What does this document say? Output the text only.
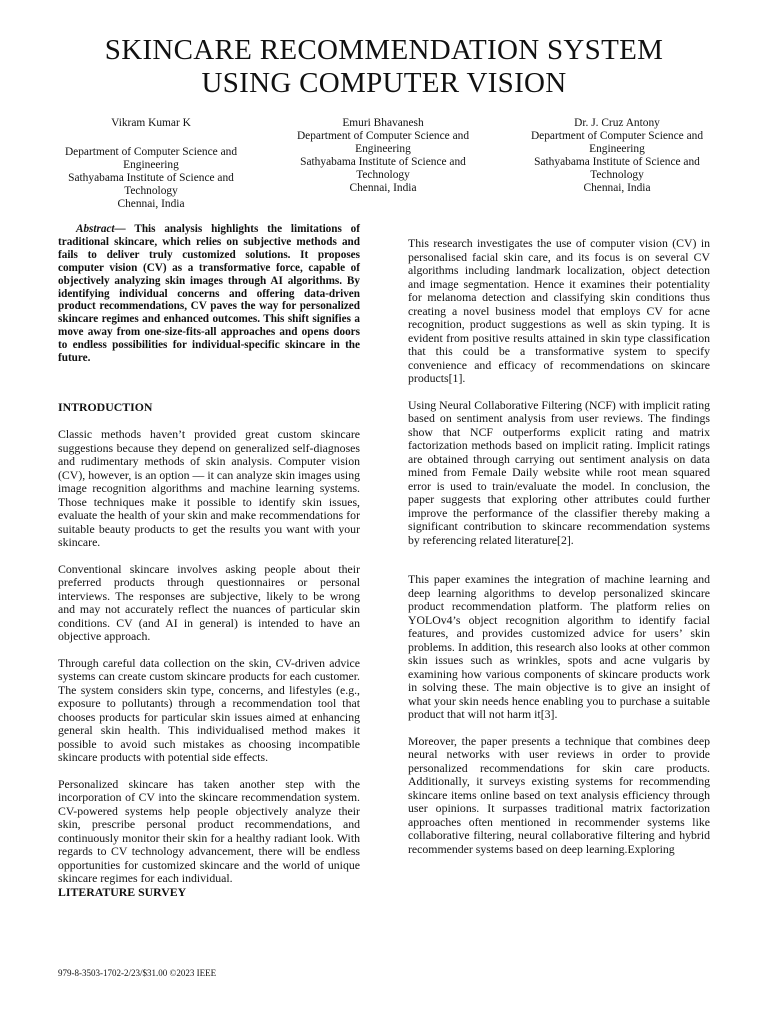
SKINCARE RECOMMENDATION SYSTEM
USING COMPUTER VISION
Vikram Kumar K
Department of Computer Science and Engineering
Sathyabama Institute of Science and Technology
Chennai, India
Emuri Bhavanesh
Department of Computer Science and Engineering
Sathyabama Institute of Science and Technology
Chennai, India
Dr. J. Cruz Antony
Department of Computer Science and Engineering
Sathyabama Institute of Science and Technology
Chennai, India

Abstract— This analysis highlights the limitations of traditional skincare, which relies on subjective methods and fails to deliver truly customized solutions. It proposes computer vision (CV) as a transformative force, capable of objectively analyzing skin images through AI algorithms. By identifying individual concerns and offering data-driven product recommendations, CV paves the way for personalized skincare regimes and enhanced outcomes. This shift signifies a move away from one-size-fits-all approaches and opens doors to endless possibilities for individual-specific skincare in the future.

INTRODUCTION

Classic methods haven’t provided great custom skincare suggestions because they depend on generalized self-diagnoses and rudimentary methods of skin analysis. Computer vision (CV), however, is an option — it can analyze skin images using image recognition algorithms and machine learning systems. Those techniques make it possible to identify skin issues, evaluate the health of your skin and make recommendations for suitable beauty products to get the results you want with your skincare.

Conventional skincare involves asking people about their preferred products through questionnaires or personal interviews. The responses are subjective, likely to be wrong and may not accurately reflect the nuances of particular skin conditions. CV (and AI in general) is intended to have an objective approach.

Through careful data collection on the skin, CV-driven advice systems can create custom skincare products for each customer. The system considers skin type, concerns, and lifestyles (e.g., exposure to pollutants) through a recommendation tool that chooses products for particular skin issues aimed at enhancing general skin health. This individualised method makes it possible to avoid such mistakes as choosing incompatible skincare products with potential side effects.

Personalized skincare has taken another step with the incorporation of CV into the skincare recommendation system. CV-powered systems help people objectively analyze their skin, prescribe personal product recommendations, and continuously monitor their skin for a healthy radiant look. With regards to CV technology advancement, there will be endless opportunities for customized skincare and the world of unique skincare regimes for each individual.

LITERATURE SURVEY

This research investigates the use of computer vision (CV) in personalised facial skin care, and its focus is on several CV algorithms including landmark localization, object detection and image segmentation. Hence it examines their potentiality for melanoma detection and classifying skin conditions thus creating a novel business model that employs CV for acne recognition, product suggestions as well as skin typing. It is evident from positive results attained in skin type classification that this could be a transformative system to specify convenience and efficacy of recommendations on skincare products[1].

Using Neural Collaborative Filtering (NCF) with implicit rating based on sentiment analysis from user reviews. The findings show that NCF outperforms explicit rating and matrix factorization methods based on implicit rating. Implicit ratings are obtained through carrying out sentiment analysis on data mined from Female Daily website while root mean squared error is used to train/evaluate the model. In conclusion, the paper suggests that exploring other attributes could further improve the performance of the classifier thereby making a significant contribution to skincare recommendation systems by referencing related literature[2].

This paper examines the integration of machine learning and deep learning algorithms to develop personalized skincare product recommendation platform. The platform relies on YOLOv4’s object recognition algorithm to identify facial features, and provides customized advice for users’ skin problems. In addition, this research also looks at other common skin issues such as wrinkles, spots and acne vulgaris by examining how various components of skincare products work in solving these. The main objective is to give an insight of what your skin needs hence enabling you to purchase a suitable product that will not harm it[3].

Moreover, the paper presents a technique that combines deep neural networks with user reviews in order to provide personalized recommendations for skin care products. Additionally, it surveys existing systems for recommending skincare items online based on text analysis efficiency through user opinions. It surpasses traditional matrix factorization approaches often mentioned in recommender systems like collaborative filtering, neural collaborative filtering and hybrid recommender systems based on deep learning.Exploring

979-8-3503-1702-2/23/$31.00 ©2023 IEEE
